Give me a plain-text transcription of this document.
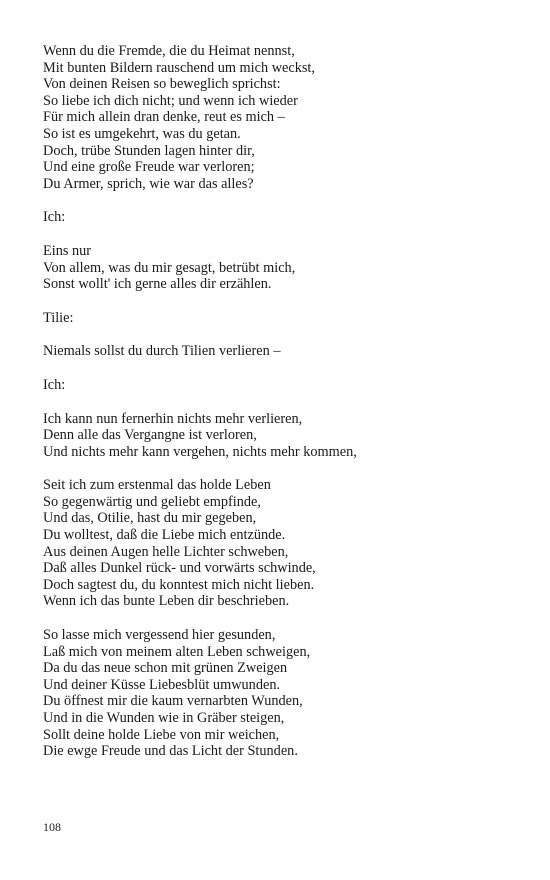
Wenn du die Fremde, die du Heimat nennst,
Mit bunten Bildern rauschend um mich weckst,
Von deinen Reisen so beweglich sprichst:
So liebe ich dich nicht; und wenn ich wieder
Für mich allein dran denke, reut es mich –
So ist es umgekehrt, was du getan.
Doch, trübe Stunden lagen hinter dir,
Und eine große Freude war verloren;
Du Armer, sprich, wie war das alles?
Ich:
Eins nur
Von allem, was du mir gesagt, betrübt mich,
Sonst wollt' ich gerne alles dir erzählen.
Tilie:
Niemals sollst du durch Tilien verlieren –
Ich:
Ich kann nun fernerhin nichts mehr verlieren,
Denn alle das Vergangne ist verloren,
Und nichts mehr kann vergehen, nichts mehr kommen,
Seit ich zum erstenmal das holde Leben
So gegenwärtig und geliebt empfinde,
Und das, Otilie, hast du mir gegeben,
Du wolltest, daß die Liebe mich entzünde.
Aus deinen Augen helle Lichter schweben,
Daß alles Dunkel rück- und vorwärts schwinde,
Doch sagtest du, du konntest mich nicht lieben.
Wenn ich das bunte Leben dir beschrieben.
So lasse mich vergessend hier gesunden,
Laß mich von meinem alten Leben schweigen,
Da du das neue schon mit grünen Zweigen
Und deiner Küsse Liebesblüt umwunden.
Du öffnest mir die kaum vernarbten Wunden,
Und in die Wunden wie in Gräber steigen,
Sollt deine holde Liebe von mir weichen,
Die ewge Freude und das Licht der Stunden.
108
